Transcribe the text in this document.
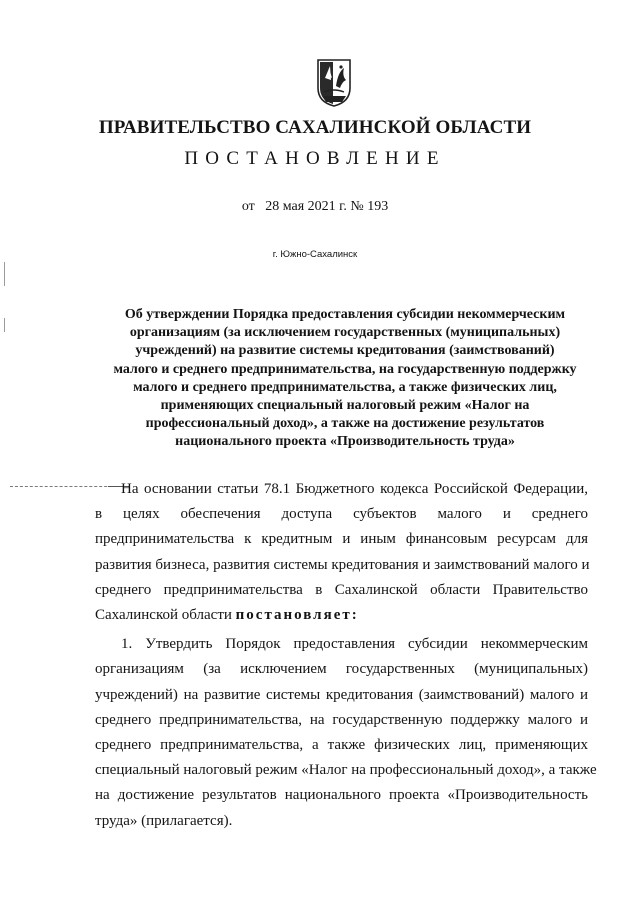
ПРАВИТЕЛЬСТВО САХАЛИНСКОЙ ОБЛАСТИ
ПОСТАНОВЛЕНИЕ
от 28 мая 2021 г. № 193
г. Южно-Сахалинск
Об утверждении Порядка предоставления субсидии некоммерческим
организациям (за исключением государственных (муниципальных)
учреждений) на развитие системы кредитования (заимствований)
малого и среднего предпринимательства, на государственную поддержку
малого и среднего предпринимательства, а также физических лиц,
применяющих специальный налоговый режим «Налог на
профессиональный доход», а также на достижение результатов
национального проекта «Производительность труда»
На основании статьи 78.1 Бюджетного кодекса Российской Федерации,
в целях обеспечения доступа субъектов малого и среднего
предпринимательства к кредитным и иным финансовым ресурсам для
развития бизнеса, развития системы кредитования и заимствований малого и
среднего предпринимательства в Сахалинской области Правительство
Сахалинской области постановляет:
1. Утвердить Порядок предоставления субсидии некоммерческим
организациям (за исключением государственных (муниципальных)
учреждений) на развитие системы кредитования (заимствований) малого и
среднего предпринимательства, на государственную поддержку малого и
среднего предпринимательства, а также физических лиц, применяющих
специальный налоговый режим «Налог на профессиональный доход», а также
на достижение результатов национального проекта «Производительность
труда» (прилагается).
